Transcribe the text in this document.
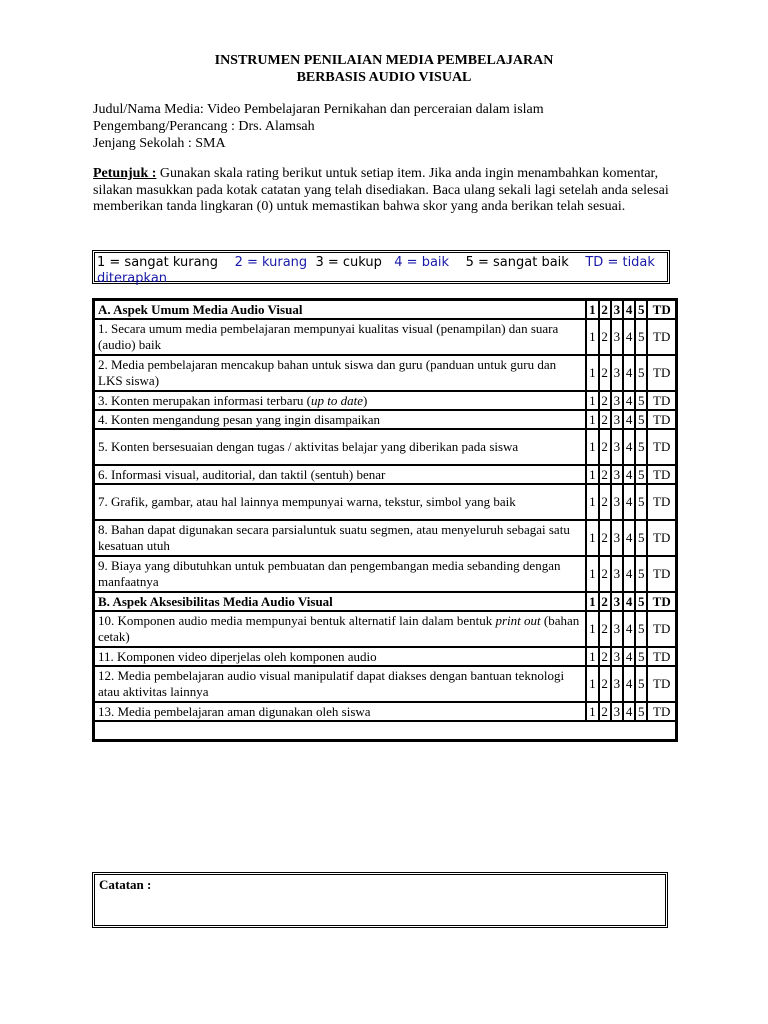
INSTRUMEN PENILAIAN MEDIA PEMBELAJARAN
BERBASIS AUDIO VISUAL
Judul/Nama Media: Video Pembelajaran Pernikahan dan perceraian dalam islam
Pengembang/Perancang : Drs. Alamsah
Jenjang Sekolah : SMA
Petunjuk : Gunakan skala rating berikut untuk setiap item. Jika anda ingin menambahkan komentar, silakan masukkan pada kotak catatan yang telah disediakan. Baca ulang sekali lagi setelah anda selesai memberikan tanda lingkaran (0) untuk memastikan bahwa skor yang anda berikan telah sesuai.
1 = sangat kurang 2 = kurang 3 = cukup 4 = baik 5 = sangat baik TD = tidak diterapkan
A. Aspek Umum Media Audio Visual	1	2	3	4	5	TD
1. Secara umum media pembelajaran mempunyai kualitas visual (penampilan) dan suara (audio) baik	1	2	3	4	5	TD
2. Media pembelajaran mencakup bahan untuk siswa dan guru (panduan untuk guru dan LKS siswa)	1	2	3	4	5	TD
3. Konten merupakan informasi terbaru (up to date)	1	2	3	4	5	TD
4. Konten mengandung pesan yang ingin disampaikan	1	2	3	4	5	TD
5. Konten bersesuaian dengan tugas / aktivitas belajar yang diberikan pada siswa	1	2	3	4	5	TD
6. Informasi visual, auditorial, dan taktil (sentuh) benar	1	2	3	4	5	TD
7. Grafik, gambar, atau hal lainnya mempunyai warna, tekstur, simbol yang baik	1	2	3	4	5	TD
8. Bahan dapat digunakan secara parsialuntuk suatu segmen, atau menyeluruh sebagai satu kesatuan utuh	1	2	3	4	5	TD
9. Biaya yang dibutuhkan untuk pembuatan dan pengembangan media sebanding dengan manfaatnya	1	2	3	4	5	TD
B. Aspek Aksesibilitas Media Audio Visual	1	2	3	4	5	TD
10. Komponen audio media mempunyai bentuk alternatif lain dalam bentuk print out (bahan cetak)	1	2	3	4	5	TD
11. Komponen video diperjelas oleh komponen audio	1	2	3	4	5	TD
12. Media pembelajaran audio visual manipulatif dapat diakses dengan bantuan teknologi atau aktivitas lainnya	1	2	3	4	5	TD
13. Media pembelajaran aman digunakan oleh siswa	1	2	3	4	5	TD

Catatan :
